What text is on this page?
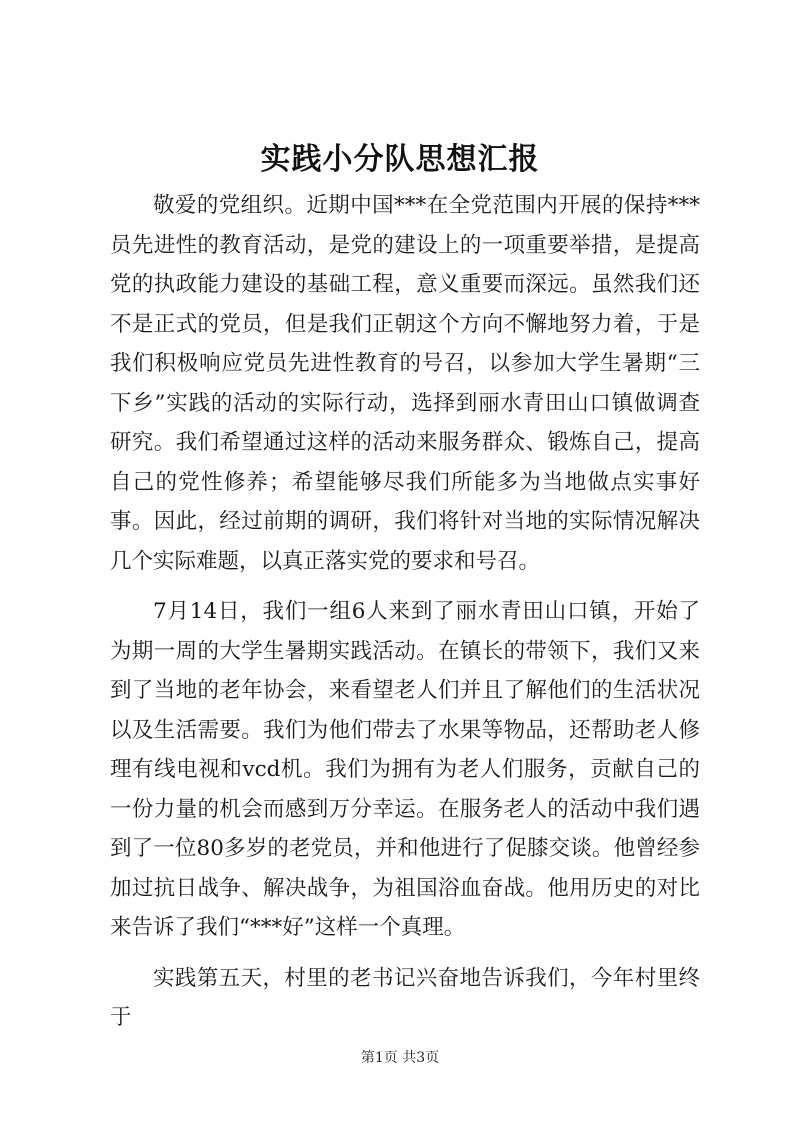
实践小分队思想汇报

敬爱的党组织。近期中国***在全党范围内开展的保持***员先进性的教育活动，是党的建设上的一项重要举措，是提高党的执政能力建设的基础工程，意义重要而深远。虽然我们还不是正式的党员，但是我们正朝这个方向不懈地努力着，于是我们积极响应党员先进性教育的号召，以参加大学生暑期“三下乡”实践的活动的实际行动，选择到丽水青田山口镇做调查研究。我们希望通过这样的活动来服务群众、锻炼自己，提高自己的党性修养；希望能够尽我们所能多为当地做点实事好事。因此，经过前期的调研，我们将针对当地的实际情况解决几个实际难题，以真正落实党的要求和号召。

7月14日，我们一组6人来到了丽水青田山口镇，开始了为期一周的大学生暑期实践活动。在镇长的带领下，我们又来到了当地的老年协会，来看望老人们并且了解他们的生活状况以及生活需要。我们为他们带去了水果等物品，还帮助老人修理有线电视和vcd机。我们为拥有为老人们服务，贡献自己的一份力量的机会而感到万分幸运。在服务老人的活动中我们遇到了一位80多岁的老党员，并和他进行了促膝交谈。他曾经参加过抗日战争、解决战争，为祖国浴血奋战。他用历史的对比来告诉了我们“***好”这样一个真理。

实践第五天，村里的老书记兴奋地告诉我们，今年村里终于

第1页 共3页
